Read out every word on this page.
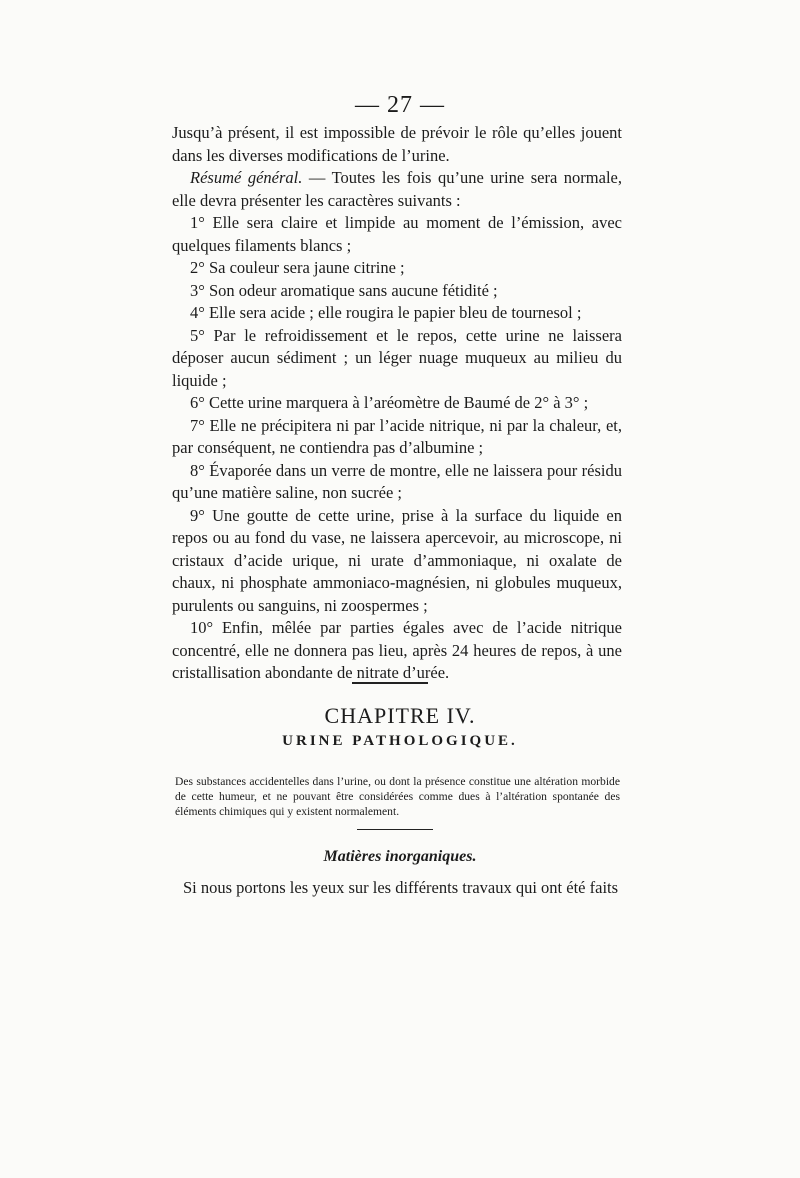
— 27 —

Jusqu’à présent, il est impossible de prévoir le rôle qu’elles jouent dans les diverses modifications de l’urine.

Résumé général. — Toutes les fois qu’une urine sera normale, elle devra présenter les caractères suivants :

1° Elle sera claire et limpide au moment de l’émission, avec quelques filaments blancs ;

2° Sa couleur sera jaune citrine ;

3° Son odeur aromatique sans aucune fétidité ;

4° Elle sera acide ; elle rougira le papier bleu de tournesol ;

5° Par le refroidissement et le repos, cette urine ne laissera déposer aucun sédiment ; un léger nuage muqueux au milieu du liquide ;

6° Cette urine marquera à l’aréomètre de Baumé de 2° à 3° ;

7° Elle ne précipitera ni par l’acide nitrique, ni par la chaleur, et, par conséquent, ne contiendra pas d’albumine ;

8° Évaporée dans un verre de montre, elle ne laissera pour résidu qu’une matière saline, non sucrée ;

9° Une goutte de cette urine, prise à la surface du liquide en repos ou au fond du vase, ne laissera apercevoir, au microscope, ni cristaux d’acide urique, ni urate d’ammoniaque, ni oxalate de chaux, ni phosphate ammoniaco-magnésien, ni globules muqueux, purulents ou sanguins, ni zoospermes ;

10° Enfin, mêlée par parties égales avec de l’acide nitrique concentré, elle ne donnera pas lieu, après 24 heures de repos, à une cristallisation abondante de nitrate d’urée.

CHAPITRE IV.
URINE PATHOLOGIQUE.
Des substances accidentelles dans l’urine, ou dont la présence constitue une altération morbide de cette humeur, et ne pouvant être considérées comme dues à l’altération spontanée des éléments chimiques qui y existent normalement.
Matières inorganiques.
Si nous portons les yeux sur les différents travaux qui ont été faits
